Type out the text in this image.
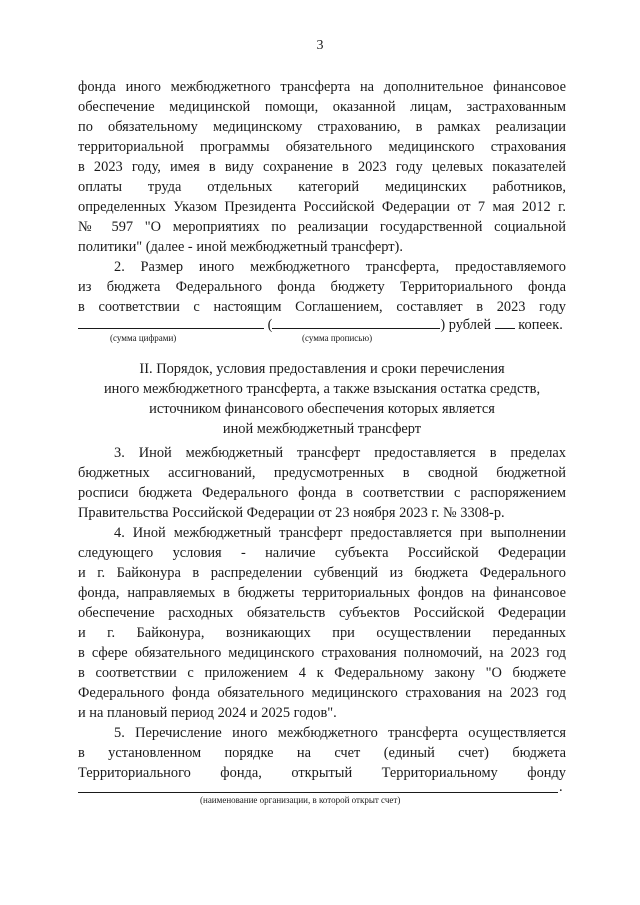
3
фонда иного межбюджетного трансферта на дополнительное финансовое
обеспечение медицинской помощи, оказанной лицам, застрахованным
по обязательному медицинскому страхованию, в рамках реализации
территориальной программы обязательного медицинского страхования
в 2023 году, имея в виду сохранение в 2023 году целевых показателей
оплаты труда отдельных категорий медицинских работников,
определенных Указом Президента Российской Федерации от 7 мая 2012 г.
№ 597 "О мероприятиях по реализации государственной социальной
политики" (далее - иной межбюджетный трансферт).
2. Размер иного межбюджетного трансферта, предоставляемого
из бюджета Федерального фонда бюджету Территориального фонда
в соответствии с настоящим Соглашением, составляет в 2023 году
(	) рублей копеек.
(сумма цифрами)	(сумма прописью)
II. Порядок, условия предоставления и сроки перечисления
иного межбюджетного трансферта, а также взыскания остатка средств,
источником финансового обеспечения которых является
иной межбюджетный трансферт
3. Иной межбюджетный трансферт предоставляется в пределах
бюджетных ассигнований, предусмотренных в сводной бюджетной
росписи бюджета Федерального фонда в соответствии с распоряжением
Правительства Российской Федерации от 23 ноября 2023 г. № 3308-р.
4. Иной межбюджетный трансферт предоставляется при выполнении
следующего условия - наличие субъекта Российской Федерации
и г. Байконура в распределении субвенций из бюджета Федерального
фонда, направляемых в бюджеты территориальных фондов на финансовое
обеспечение расходных обязательств субъектов Российской Федерации
и г. Байконура, возникающих при осуществлении переданных
в сфере обязательного медицинского страхования полномочий, на 2023 год
в соответствии с приложением 4 к Федеральному закону "О бюджете
Федерального фонда обязательного медицинского страхования на 2023 год
и на плановый период 2024 и 2025 годов".
5. Перечисление иного межбюджетного трансферта осуществляется
в установленном порядке на счет (единый счет) бюджета
Территориального фонда, открытый Территориальному фонду
.
(наименование организации, в которой открыт счет)
